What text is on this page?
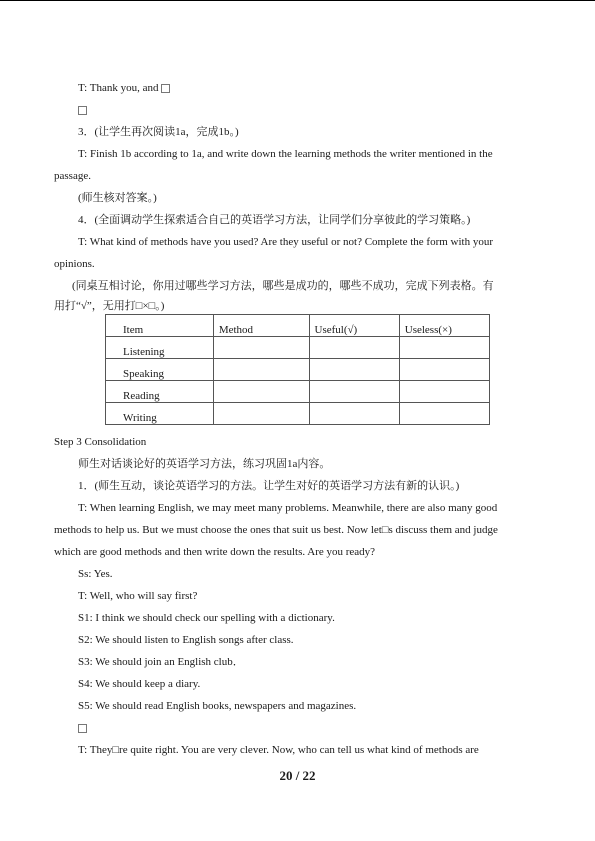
T: Thank you, and
3．(让学生再次阅读1a，完成1b。)
T: Finish 1b according to 1a, and write down the learning methods the writer mentioned in the
passage.
(师生核对答案。)
4．(全面调动学生探索适合自己的英语学习方法，让同学们分享彼此的学习策略。)
T: What kind of methods have you used? Are they useful or not? Complete the form with your
opinions.
(同桌互相讨论，你用过哪些学习方法，哪些是成功的，哪些不成功，完成下列表格。有
用打“√”，无用打□×□。)
Item	Method	Useful(√)	Useless(×)
Listening			
Speaking			
Reading			
Writing			
Step 3 Consolidation
师生对话谈论好的英语学习方法，练习巩固1a内容。
1．(师生互动，谈论英语学习的方法。让学生对好的英语学习方法有新的认识。)
T: When learning English, we may meet many problems. Meanwhile, there are also many good
methods to help us. But we must choose the ones that suit us best. Now let□s discuss them and judge
which are good methods and then write down the results. Are you ready?
Ss: Yes.
T: Well, who will say first?
S1: I think we should check our spelling with a dictionary.
S2: We should listen to English songs after class.
S3: We should join an English club．
S4: We should keep a diary.
S5: We should read English books, newspapers and magazines.
T: They□re quite right. You are very clever. Now, who can tell us what kind of methods are
20 / 22
